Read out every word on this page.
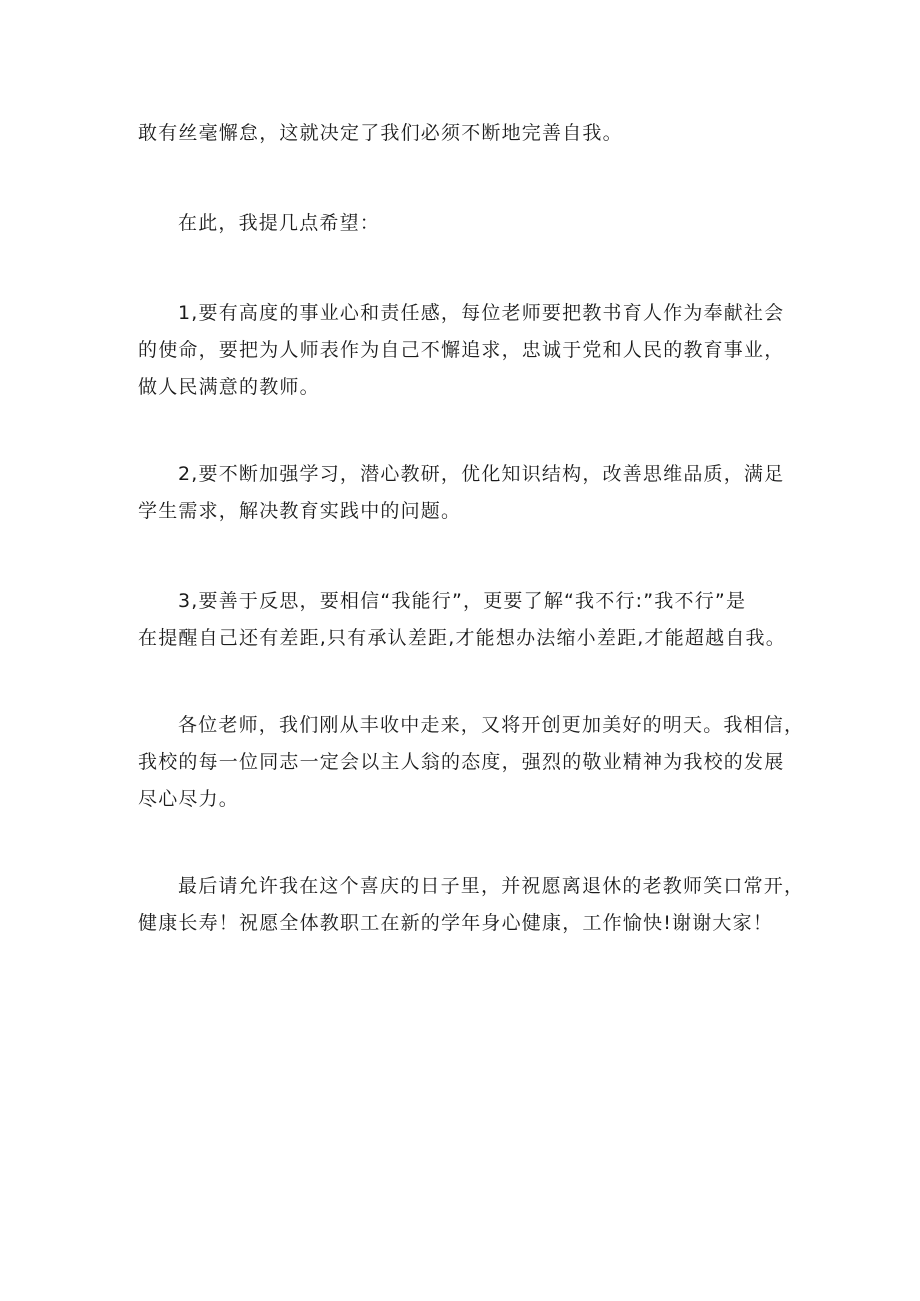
敢有丝毫懈怠，这就决定了我们必须不断地完善自我。

在此，我提几点希望：

1,要有高度的事业心和责任感，每位老师要把教书育人作为奉献社会
的使命，要把为人师表作为自己不懈追求，忠诚于党和人民的教育事业，
做人民满意的教师。

2,要不断加强学习，潜心教研，优化知识结构，改善思维品质，满足
学生需求，解决教育实践中的问题。

3,要善于反思，要相信“我能行”，更要了解“我不行:”我不行”是
在提醒自己还有差距,只有承认差距,才能想办法缩小差距,才能超越自我。

各位老师，我们刚从丰收中走来，又将开创更加美好的明天。我相信，
我校的每一位同志一定会以主人翁的态度，强烈的敬业精神为我校的发展
尽心尽力。

最后请允许我在这个喜庆的日子里，并祝愿离退休的老教师笑口常开，
健康长寿！祝愿全体教职工在新的学年身心健康，工作愉快!谢谢大家！
